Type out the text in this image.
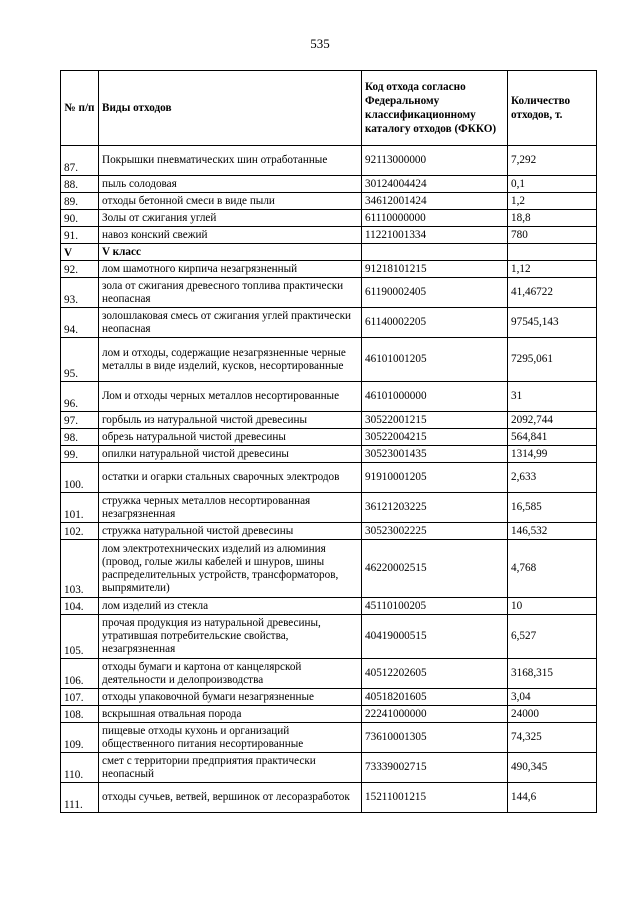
535
№ п/п	Виды отходов	Код отхода согласно Федеральному классификационному каталогу отходов (ФККО)	Количество отходов, т.
87.	Покрышки пневматических шин отработанные	92113000000	7,292
88.	пыль солодовая	30124004424	0,1
89.	отходы бетонной смеси в виде пыли	34612001424	1,2
90.	Золы от сжигания углей	61110000000	18,8
91.	навоз конский свежий	11221001334	780
V	V класс		
92.	лом шамотного кирпича незагрязненный	91218101215	1,12
93.	зола от сжигания древесного топлива практически неопасная	61190002405	41,46722
94.	золошлаковая смесь от сжигания углей практически неопасная	61140002205	97545,143
95.	лом и отходы, содержащие незагрязненные черные металлы в виде изделий, кусков, несортированные	46101001205	7295,061
96.	Лом и отходы черных металлов несортированные	46101000000	31
97.	горбыль из натуральной чистой древесины	30522001215	2092,744
98.	обрезь натуральной чистой древесины	30522004215	564,841
99.	опилки натуральной чистой древесины	30523001435	1314,99
100.	остатки и огарки стальных сварочных электродов	91910001205	2,633
101.	стружка черных металлов несортированная незагрязненная	36121203225	16,585
102.	стружка натуральной чистой древесины	30523002225	146,532
103.	лом электротехнических изделий из алюминия (провод, голые жилы кабелей и шнуров, шины распределительных устройств, трансформаторов, выпрямители)	46220002515	4,768
104.	лом изделий из стекла	45110100205	10
105.	прочая продукция из натуральной древесины, утратившая потребительские свойства, незагрязненная	40419000515	6,527
106.	отходы бумаги и картона от канцелярской деятельности и делопроизводства	40512202605	3168,315
107.	отходы упаковочной бумаги незагрязненные	40518201605	3,04
108.	вскрышная отвальная порода	22241000000	24000
109.	пищевые отходы кухонь и организаций общественного питания несортированные	73610001305	74,325
110.	смет с территории предприятия практически неопасный	73339002715	490,345
111.	отходы сучьев, ветвей, вершинок от лесоразработок	15211001215	144,6
